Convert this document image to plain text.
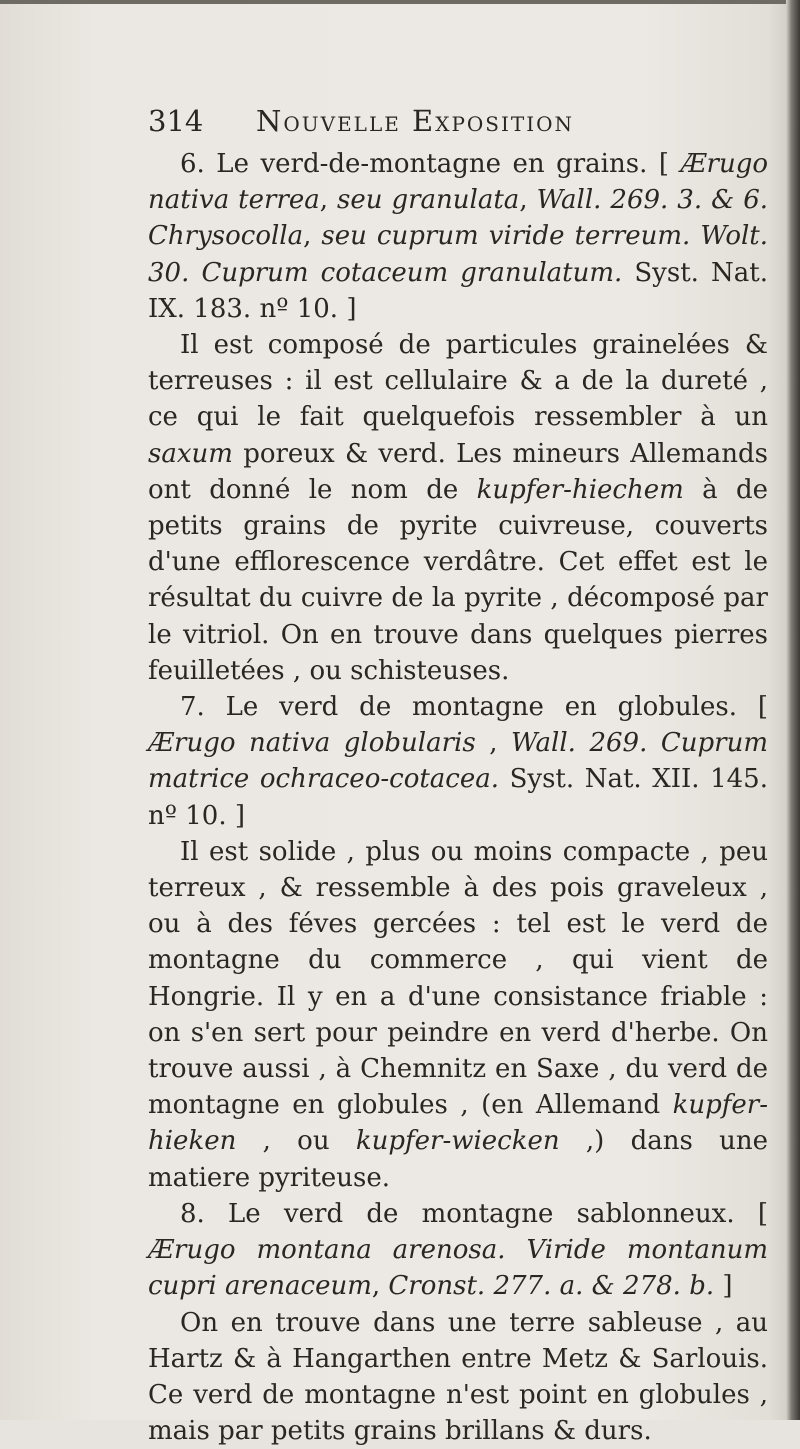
314 Nouvelle Exposition

6. Le verd-de-montagne en grains. [ Ærugo nativa terrea, seu granulata, Wall. 269. 3. & 6. Chrysocolla, seu cuprum viride terreum. Wolt. 30. Cuprum cotaceum granulatum. Syst. Nat. IX. 183. nº 10. ]

Il est composé de particules grainelées & terreuses : il est cellulaire & a de la dureté , ce qui le fait quelquefois ressembler à un saxum poreux & verd. Les mineurs Allemands ont donné le nom de kupfer-hiechem à de petits grains de pyrite cuivreuse, couverts d'une efflorescence verdâtre. Cet effet est le résultat du cuivre de la pyrite , décomposé par le vitriol. On en trouve dans quelques pierres feuilletées , ou schisteuses.

7. Le verd de montagne en globules. [ Ærugo nativa globularis , Wall. 269. Cuprum matrice ochraceo-cotacea. Syst. Nat. XII. 145. nº 10. ]

Il est solide , plus ou moins compacte , peu terreux , & ressemble à des pois graveleux , ou à des féves gercées : tel est le verd de montagne du commerce , qui vient de Hongrie. Il y en a d'une consistance friable : on s'en sert pour peindre en verd d'herbe. On trouve aussi , à Chemnitz en Saxe , du verd de montagne en globules , (en Allemand kupfer-hieken , ou kupfer-wiecken ,) dans une matiere pyriteuse.

8. Le verd de montagne sablonneux. [ Ærugo montana arenosa. Viride montanum cupri arenaceum, Cronst. 277. a. & 278. b. ]

On en trouve dans une terre sableuse , au Hartz & à Hangarthen entre Metz & Sarlouis. Ce verd de montagne n'est point en globules , mais par petits grains brillans & durs.
